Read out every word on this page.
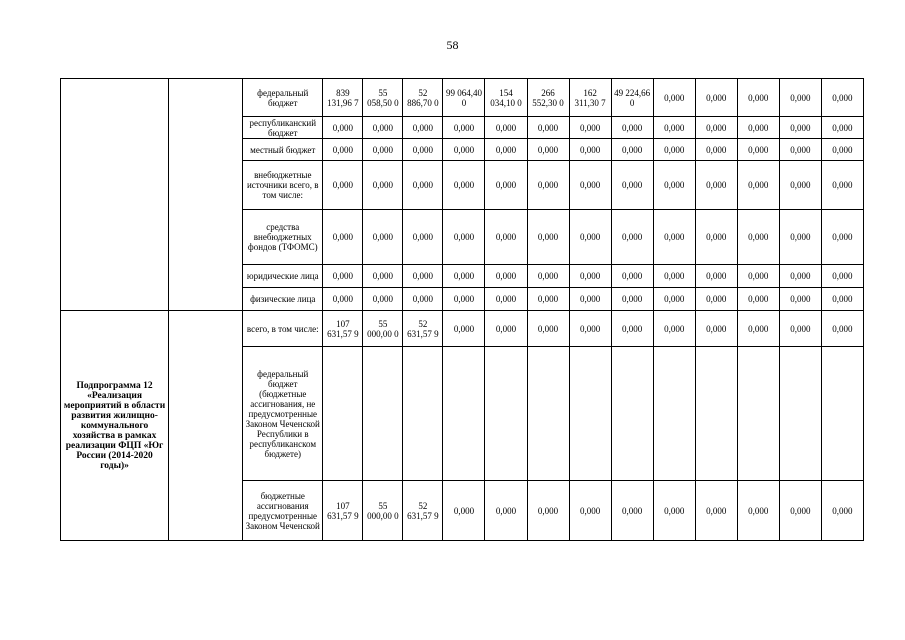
58
		федеральный бюджет	839 131,96 7	55 058,50 0	52 886,70 0	99 064,40 0	154 034,10 0	266 552,30 0	162 311,30 7	49 224,66 0	0,000	0,000	0,000	0,000	0,000
		республиканский бюджет	0,000	0,000	0,000	0,000	0,000	0,000	0,000	0,000	0,000	0,000	0,000	0,000	0,000
		местный бюджет	0,000	0,000	0,000	0,000	0,000	0,000	0,000	0,000	0,000	0,000	0,000	0,000	0,000
		внебюджетные источники всего, в том числе:	0,000	0,000	0,000	0,000	0,000	0,000	0,000	0,000	0,000	0,000	0,000	0,000	0,000
		средства внебюджетных фондов (ТФОМС)	0,000	0,000	0,000	0,000	0,000	0,000	0,000	0,000	0,000	0,000	0,000	0,000	0,000
		юридические лица	0,000	0,000	0,000	0,000	0,000	0,000	0,000	0,000	0,000	0,000	0,000	0,000	0,000
		физические лица	0,000	0,000	0,000	0,000	0,000	0,000	0,000	0,000	0,000	0,000	0,000	0,000	0,000
Подпрограмма 12 «Реализация мероприятий в области развития жилищно-коммунального хозяйства в рамках реализации ФЦП «Юг России (2014-2020 годы)»		всего, в том числе:	107 631,57 9	55 000,00 0	52 631,57 9	0,000	0,000	0,000	0,000	0,000	0,000	0,000	0,000	0,000	0,000
		федеральный бюджет (бюджетные ассигнования, не предусмотренные Законом Чеченской Республики в республиканском бюджете)													
		бюджетные ассигнования предусмотренные Законом Чеченской	107 631,57 9	55 000,00 0	52 631,57 9	0,000	0,000	0,000	0,000	0,000	0,000	0,000	0,000	0,000	0,000
